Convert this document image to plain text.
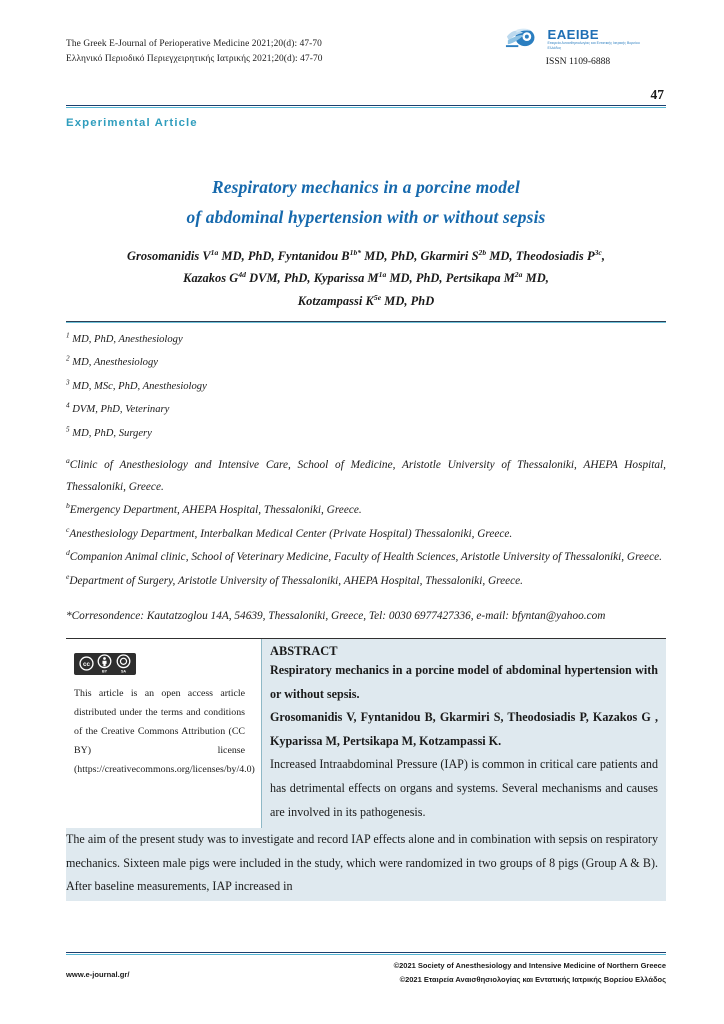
The Greek E-Journal of Perioperative Medicine 2021;20(d): 47-70
Ελληνικό Περιοδικό Περιεγχειρητικής Ιατρικής 2021;20(d): 47-70
EAEIBE
Εταιρεία Αναισθησιολογίας και Εντατικής Ιατρικής Βορείου Ελλάδος
ISSN 1109-6888
47
Experimental Article
Respiratory mechanics in a porcine model
of abdominal hypertension with or without sepsis
Grosomanidis $V^{1a}$ MD, PhD, Fyntanidou $B^{1b*}$ MD, PhD, Gkarmiri $S^{2b}$ MD, Theodosiadis $P^{3c}$,
Kazakos $G^{4d}$ DVM, PhD, Kyparissa $M^{1a}$ MD, PhD, Pertsikapa $M^{2a}$ MD,
Kotzampassi $K^{5e}$ MD, PhD
$^1$ MD, PhD, Anesthesiology
$^2$ MD, Anesthesiology
$^3$ MD, MSc, PhD, Anesthesiology
$^4$ DVM, PhD, Veterinary
$^5$ MD, PhD, Surgery

$^a$Clinic of Anesthesiology and Intensive Care, School of Medicine, Aristotle University of Thessaloniki, AHEPA Hospital, Thessaloniki, Greece.

$^b$Emergency Department, AHEPA Hospital, Thessaloniki, Greece.

$^c$Anesthesiology Department, Interbalkan Medical Center (Private Hospital) Thessaloniki, Greece.

$^d$Companion Animal clinic, School of Veterinary Medicine, Faculty of Health Sciences, Aristotle University of Thessaloniki, Greece.

$^e$Department of Surgery, Aristotle University of Thessaloniki, AHEPA Hospital, Thessaloniki, Greece.

*Corresondence: Kautatzoglou 14A, 54639, Thessaloniki, Greece, Tel: 0030 6977427336, e-mail: bfyntan@yahoo.com
cc
BY	SA
This article is an open access article distributed under the terms and conditions of the Creative Commons Attribution (CC BY) license (https://creativecommons.org/licenses/by/4.0)
ABSTRACT

Respiratory mechanics in a porcine model of abdominal hypertension with or without sepsis.

Grosomanidis V, Fyntanidou B, Gkarmiri S, Theodosiadis P, Kazakos G , Kyparissa M, Pertsikapa M, Kotzampassi K.

Increased Intraabdominal Pressure (IAP) is common in critical care patients and has detrimental effects on organs and systems. Several mechanisms and causes are involved in its pathogenesis.

The aim of the present study was to investigate and record IAP effects alone and in combination with sepsis on respiratory mechanics. Sixteen male pigs were included in the study, which were randomized in two groups of 8 pigs (Group A & B). After baseline measurements, IAP increased in

www.e-journal.gr/
©2021 Society of Anesthesiology and Intensive Medicine of Northern Greece
©2021 Εταιρεία Αναισθησιολογίας και Εντατικής Ιατρικής Βορείου Ελλάδος
